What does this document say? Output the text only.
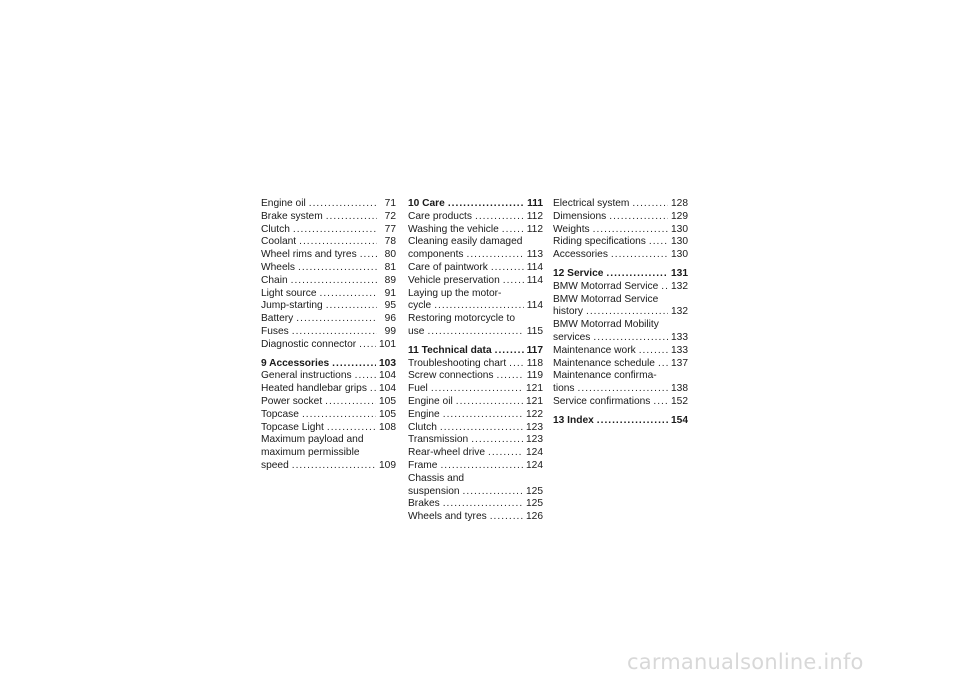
Engine oil .....	71
Brake system .....	72
Clutch .....	77
Coolant .....	78
Wheel rims and tyres .....	80
Wheels .....	81
Chain .....	89
Light source .....	91
Jump-starting .....	95
Battery .....	96
Fuses .....	99
Diagnostic connector ..... 101
9 Accessories .....	103
General instructions .....	104
Heated handlebar grips ..... 104
Power socket .....	105
Topcase .....	105
Topcase Light .....	108
Maximum payload and
maximum permissible
speed .....	109
10 Care .....	111
Care products .....	112
Washing the vehicle .....	112
Cleaning easily damaged
components .....	113
Care of paintwork .....	114
Vehicle preservation .....	114
Laying up the motor-
cycle .....	114
Restoring motorcycle to
use .....	115
11 Technical data .....	117
Troubleshooting chart ..... 118
Screw connections .....	119
Fuel .....	121
Engine oil .....	121
Engine .....	122
Clutch .....	123
Transmission .....	123
Rear-wheel drive .....	124
Frame .....	124
Chassis and
suspension .....	125
Brakes .....	125
Wheels and tyres .....	126
Electrical system .....	128
Dimensions .....	129
Weights .....	130
Riding specifications ..... 130
Accessories .....	130
12 Service .....	131
BMW Motorrad Service ..... 132
BMW Motorrad Service
history .....	132
BMW Motorrad Mobility
services .....	133
Maintenance work .....	133
Maintenance schedule ..... 137
Maintenance confirma-
tions .....	138
Service confirmations ..... 152
13 Index .....	154
carmanualsonline.info
